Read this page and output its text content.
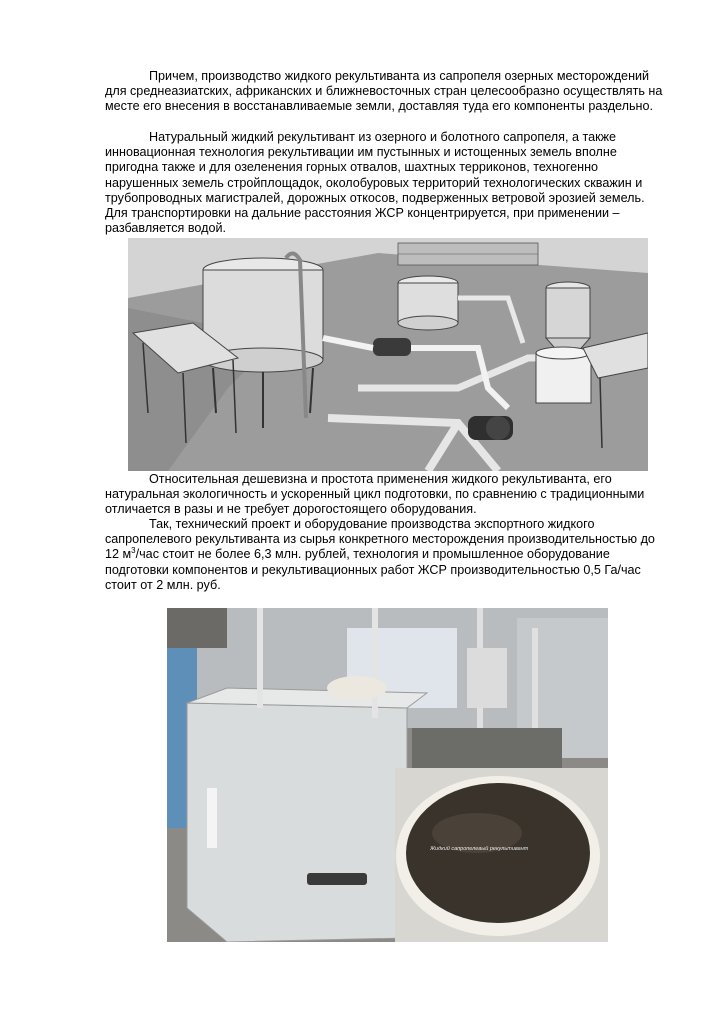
Причем, производство жидкого рекультиванта из сапропеля озерных месторождений для среднеазиатских, африканских и ближневосточных стран целесообразно осуществлять на месте его внесения в восстанавливаемые земли, доставляя туда его компоненты раздельно.

Натуральный жидкий рекультивант из озерного и болотного сапропеля, а также инновационная технология рекультивации им пустынных и истощенных земель вполне пригодна также и для озеленения горных отвалов, шахтных терриконов, техногенно нарушенных земель стройплощадок, околобуровых территорий технологических скважин и трубопроводных магистралей, дорожных откосов, подверженных ветровой эрозией земель. Для транспортировки на дальние расстояния ЖСР концентрируется, при применении – разбавляется водой.

Относительная дешевизна и простота применения жидкого рекультиванта, его натуральная экологичность и ускоренный цикл подготовки, по сравнению с традиционными отличается в разы и не требует дорогостоящего оборудования.

Так, технический проект и оборудование производства экспортного жидкого сапропелевого рекультиванта из сырья конкретного месторождения производительностью до 12 $м^3$/час стоит не более 6,3 млн. рублей, технология и промышленное оборудование подготовки компонентов и рекультивационных работ ЖСР производительностью 0,5 Га/час стоит от 2 млн. руб.

Жидкий сапропелевый рекультивант
